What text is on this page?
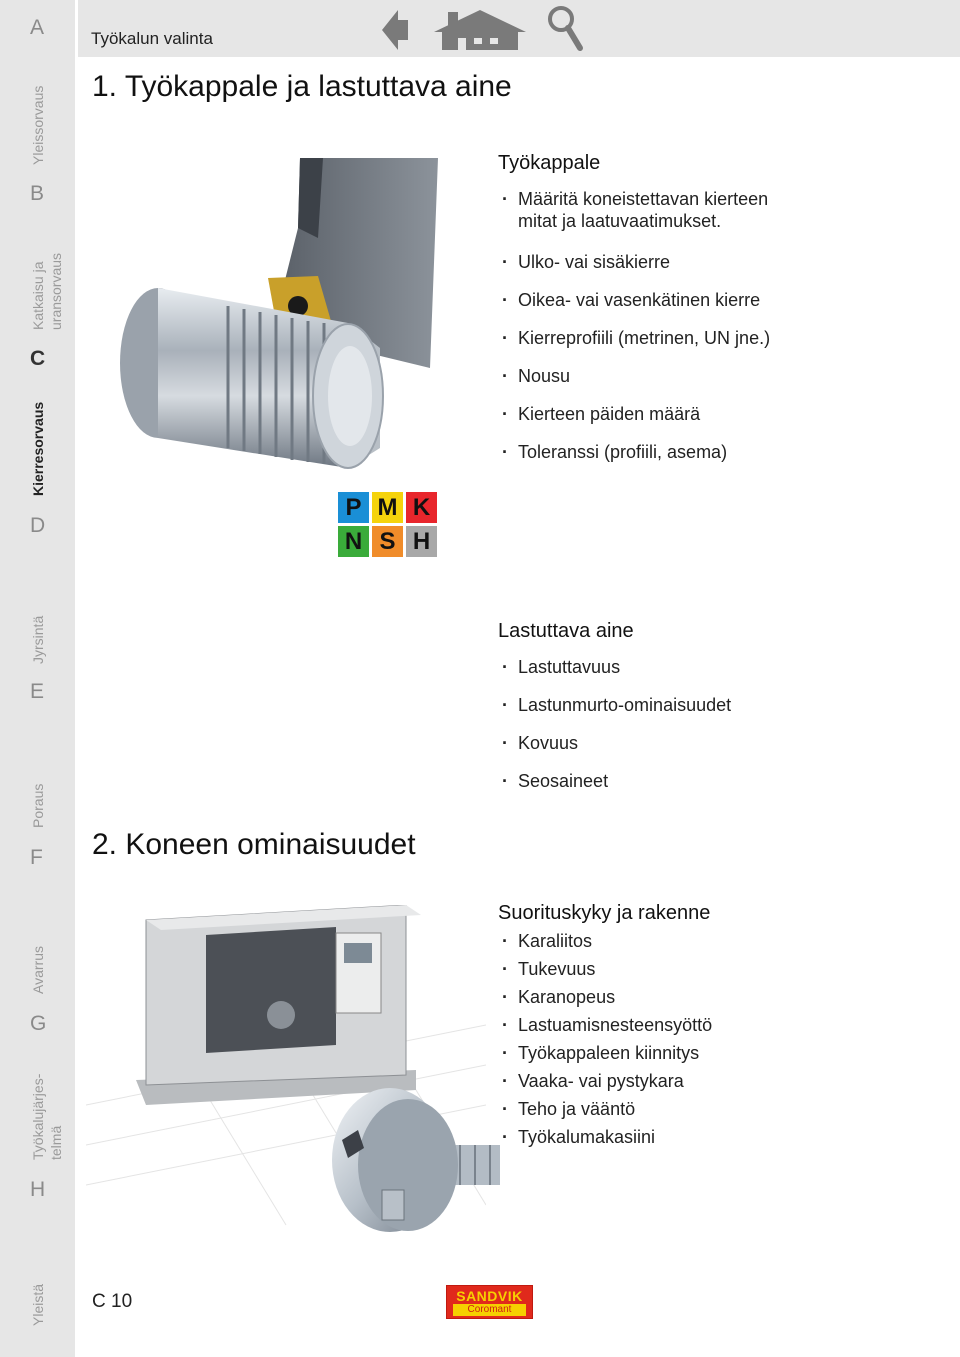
A
B
C
D
E
F
G
H
Yleissorvaus
Katkaisu ja uransorvaus
Kierresorvaus
Jyrsintä
Poraus
Avarrus
Työkalujärjes- telmä
Yleistä
Työkalun valinta
1. Työkappale ja lastuttava aine
Työkappale
· Määritä koneistettavan kierteen
mitat ja laatuvaatimukset.
· Ulko- vai sisäkierre
· Oikea- vai vasenkätinen kierre
· Kierreprofiili (metrinen, UN jne.)
· Nousu
· Kierteen päiden määrä
· Toleranssi (profiili, asema)
P M K
N S H
Lastuttava aine
· Lastuttavuus
· Lastunmurto-ominaisuudet
· Kovuus
· Seosaineet
2. Koneen ominaisuudet
Suorituskyky ja rakenne
· Karaliitos
· Tukevuus
· Karanopeus
· Lastuamisnesteensyöttö
· Työkappaleen kiinnitys
· Vaaka- vai pystykara
· Teho ja vääntö
· Työkalumakasiini
C 10	SANDVIK
Coromant
